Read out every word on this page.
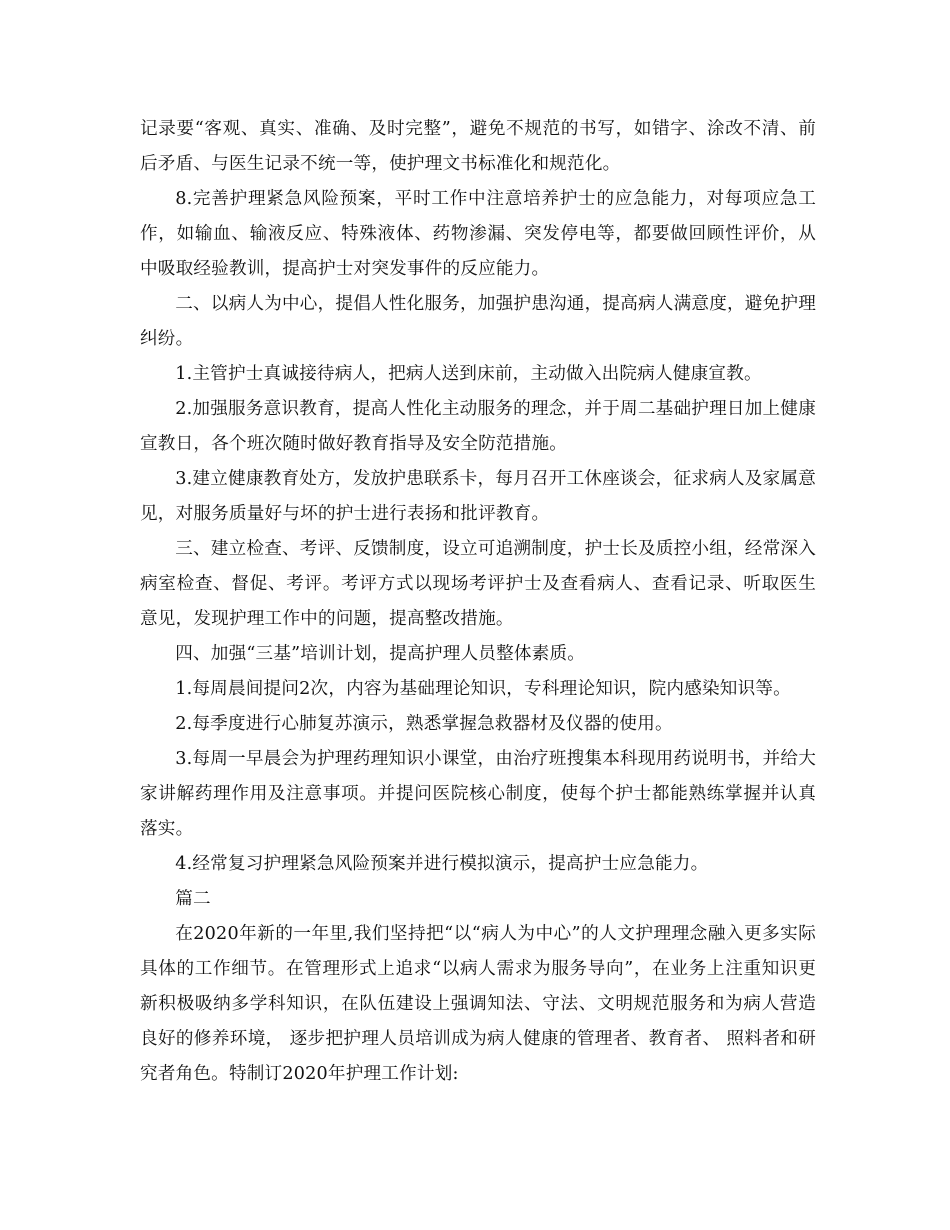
记录要“客观、真实、准确、及时完整”，避免不规范的书写，如错字、涂改不清、前后矛盾、与医生记录不统一等，使护理文书标准化和规范化。

8.完善护理紧急风险预案，平时工作中注意培养护士的应急能力，对每项应急工作，如输血、输液反应、特殊液体、药物渗漏、突发停电等，都要做回顾性评价，从中吸取经验教训，提高护士对突发事件的反应能力。

二、以病人为中心，提倡人性化服务，加强护患沟通，提高病人满意度，避免护理纠纷。

1.主管护士真诚接待病人，把病人送到床前，主动做入出院病人健康宣教。

2.加强服务意识教育，提高人性化主动服务的理念，并于周二基础护理日加上健康宣教日，各个班次随时做好教育指导及安全防范措施。

3.建立健康教育处方，发放护患联系卡，每月召开工休座谈会，征求病人及家属意见，对服务质量好与坏的护士进行表扬和批评教育。

三、建立检查、考评、反馈制度，设立可追溯制度，护士长及质控小组，经常深入病室检查、督促、考评。考评方式以现场考评护士及查看病人、查看记录、听取医生意见，发现护理工作中的问题，提高整改措施。

四、加强“三基”培训计划，提高护理人员整体素质。

1.每周晨间提问2次，内容为基础理论知识，专科理论知识，院内感染知识等。

2.每季度进行心肺复苏演示，熟悉掌握急救器材及仪器的使用。

3.每周一早晨会为护理药理知识小课堂，由治疗班搜集本科现用药说明书，并给大家讲解药理作用及注意事项。并提问医院核心制度，使每个护士都能熟练掌握并认真落实。

4.经常复习护理紧急风险预案并进行模拟演示，提高护士应急能力。

篇二

在2020年新的一年里,我们坚持把“以“病人为中心”的人文护理理念融入更多实际具体的工作细节。在管理形式上追求“以病人需求为服务导向”，在业务上注重知识更新积极吸纳多学科知识，在队伍建设上强调知法、守法、文明规范服务和为病人营造良好的修养环境， 逐步把护理人员培训成为病人健康的管理者、教育者、 照料者和研究者角色。特制订2020年护理工作计划:
